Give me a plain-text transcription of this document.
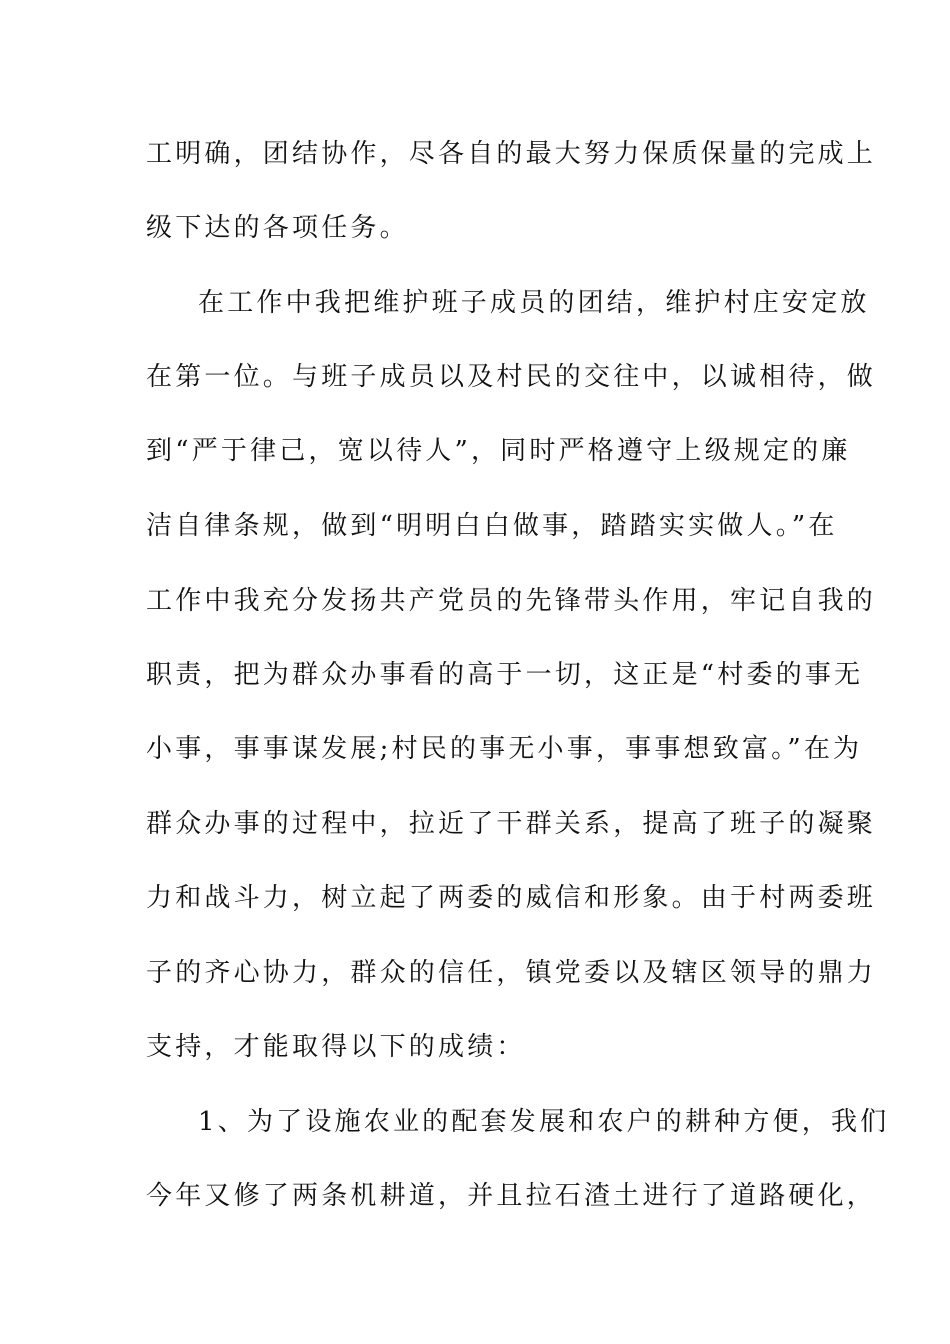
工明确，团结协作，尽各自的最大努力保质保量的完成上
级下达的各项任务。
在工作中我把维护班子成员的团结，维护村庄安定放
在第一位。与班子成员以及村民的交往中，以诚相待，做
到“严于律己，宽以待人”，同时严格遵守上级规定的廉
洁自律条规，做到“明明白白做事，踏踏实实做人。”在
工作中我充分发扬共产党员的先锋带头作用，牢记自我的
职责，把为群众办事看的高于一切，这正是“村委的事无
小事，事事谋发展;村民的事无小事，事事想致富。”在为
群众办事的过程中，拉近了干群关系，提高了班子的凝聚
力和战斗力，树立起了两委的威信和形象。由于村两委班
子的齐心协力，群众的信任，镇党委以及辖区领导的鼎力
支持，才能取得以下的成绩：
1、为了设施农业的配套发展和农户的耕种方便，我们
今年又修了两条机耕道，并且拉石渣土进行了道路硬化，
